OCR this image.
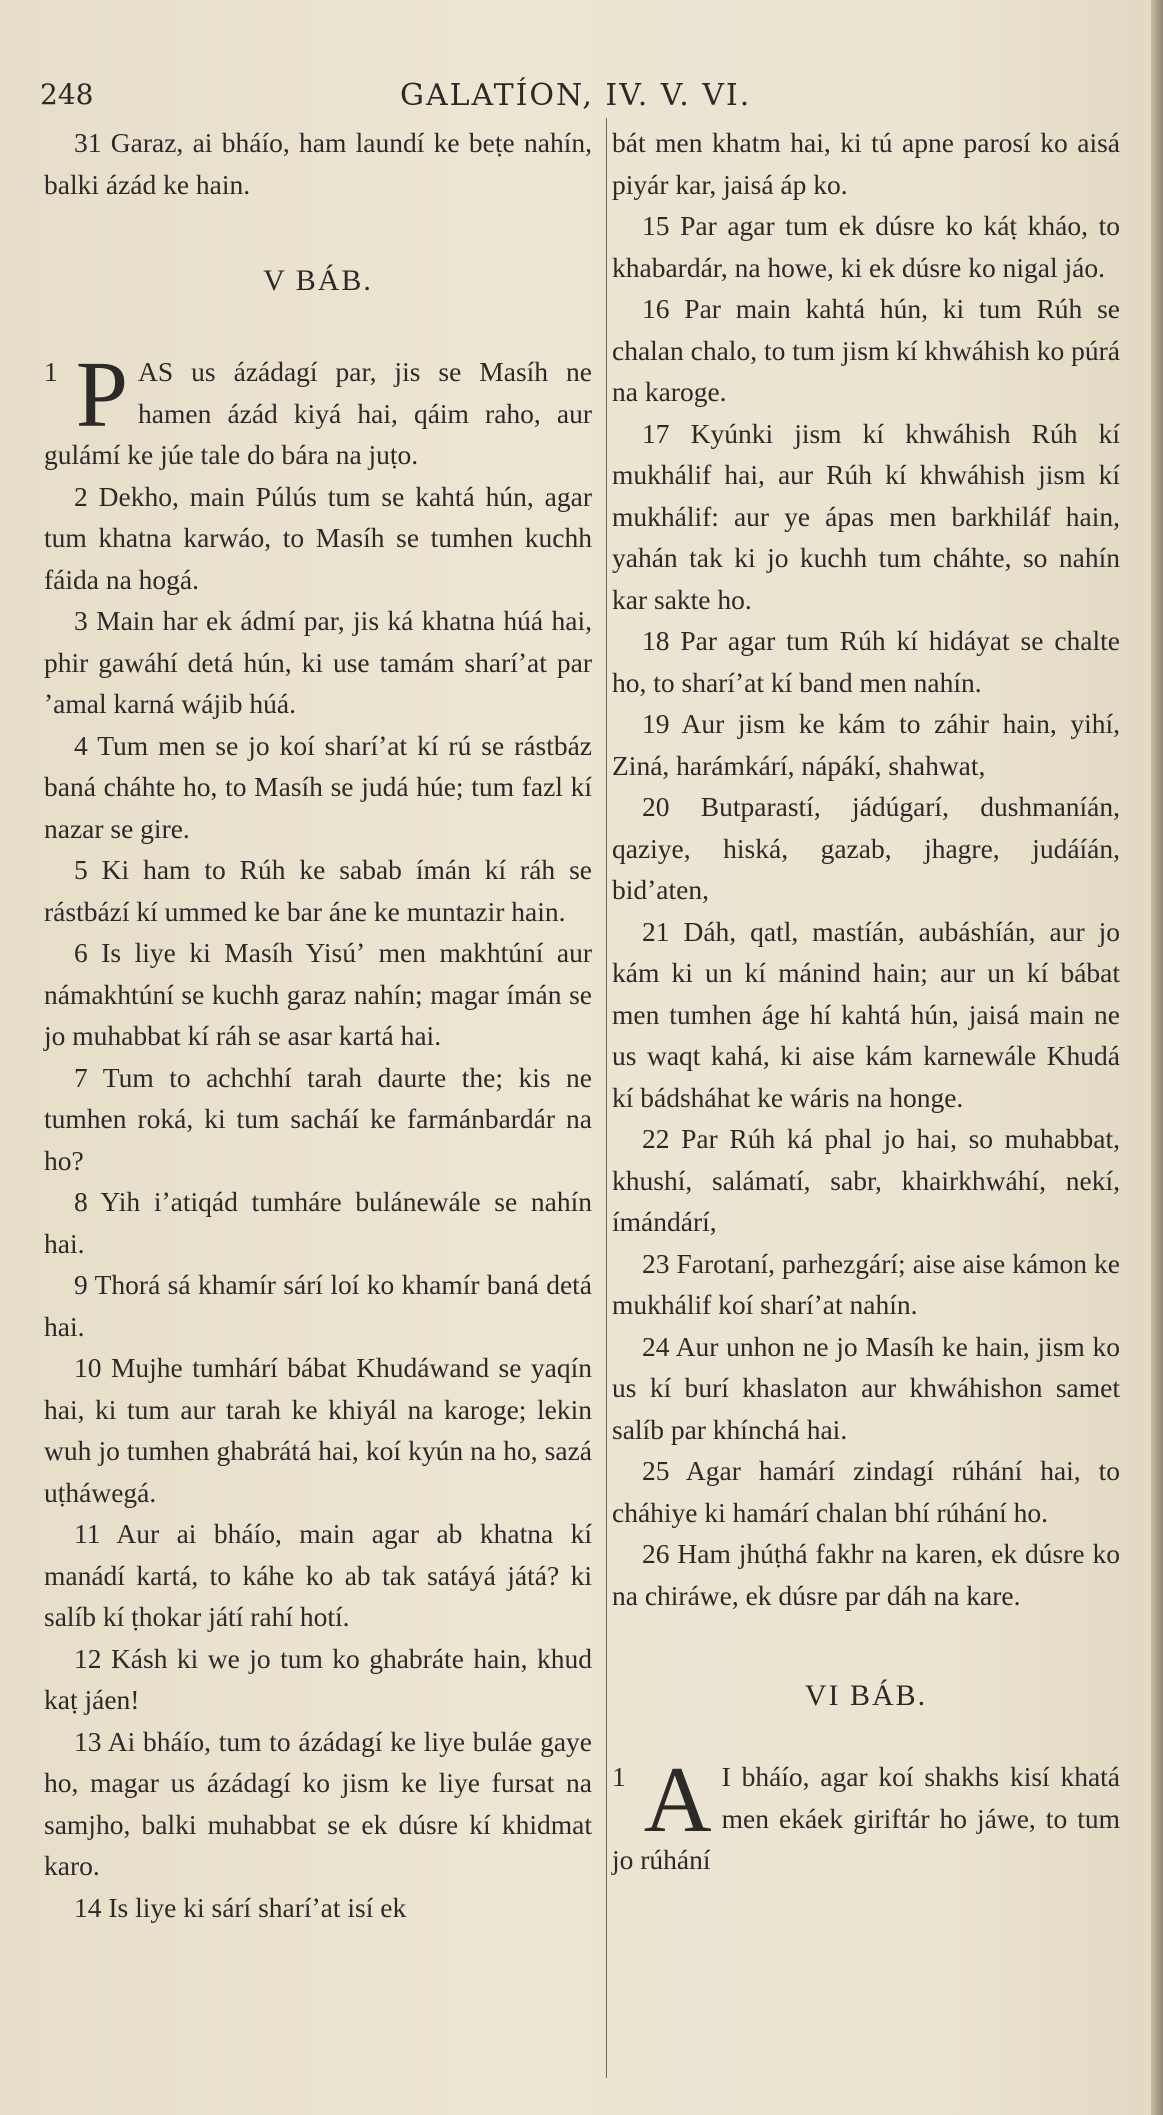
248	GALATÍON, IV. V. VI.

31 Garaz, ai bháío, ham laundí ke beṭe nahín, balki ázád ke hain.

V BÁB.

1 P AS us ázádagí par, jis se Masíh ne hamen ázád kiyá hai, qáim raho, aur gulámí ke júe tale do bára na juṭo.

2 Dekho, main Púlús tum se kahtá hún, agar tum khatna karwáo, to Masíh se tumhen kuchh fáida na hogá.

3 Main har ek ádmí par, jis ká khatna húá hai, phir gawáhí detá hún, ki use tamám sharíʼat par ʼamal karná wájib húá.

4 Tum men se jo koí sharíʼat kí rú se rástbáz baná cháhte ho, to Masíh se judá húe; tum fazl kí nazar se gire.

5 Ki ham to Rúh ke sabab ímán kí ráh se rástbází kí ummed ke bar áne ke muntazir hain.

6 Is liye ki Masíh Yisúʼ men makhtúní aur námakhtúní se kuchh garaz nahín; magar ímán se jo muhabbat kí ráh se asar kartá hai.

7 Tum to achchhí tarah daurte the; kis ne tumhen roká, ki tum sacháí ke farmánbardár na ho?

8 Yih iʼatiqád tumháre bulánewále se nahín hai.

9 Thorá sá khamír sárí loí ko khamír baná detá hai.

10 Mujhe tumhárí bábat Khudáwand se yaqín hai, ki tum aur tarah ke khiyál na karoge; lekin wuh jo tumhen ghabrátá hai, koí kyún na ho, sazá uṭháwegá.

11 Aur ai bháío, main agar ab khatna kí manádí kartá, to káhe ko ab tak satáyá játá? ki salíb kí ṭhokar játí rahí hotí.

12 Kásh ki we jo tum ko ghabráte hain, khud kaṭ jáen!

13 Ai bháío, tum to ázádagí ke liye buláe gaye ho, magar us ázádagí ko jism ke liye fursat na samjho, balki muhabbat se ek dúsre kí khidmat karo.

14 Is liye ki sárí sharíʼat isí ek

bát men khatm hai, ki tú apne parosí ko aisá piyár kar, jaisá áp ko.

15 Par agar tum ek dúsre ko káṭ kháo, to khabardár, na howe, ki ek dúsre ko nigal jáo.

16 Par main kahtá hún, ki tum Rúh se chalan chalo, to tum jism kí khwáhish ko púrá na karoge.

17 Kyúnki jism kí khwáhish Rúh kí mukhálif hai, aur Rúh kí khwáhish jism kí mukhálif: aur ye ápas men barkhiláf hain, yahán tak ki jo kuchh tum cháhte, so nahín kar sakte ho.

18 Par agar tum Rúh kí hidáyat se chalte ho, to sharíʼat kí band men nahín.

19 Aur jism ke kám to záhir hain, yihí, Ziná, harámkárí, nápákí, shahwat,

20 Butparastí, jádúgarí, dushmaníán, qaziye, hiská, gazab, jhagre, judáíán, bidʼaten,

21 Dáh, qatl, mastíán, aubáshíán, aur jo kám ki un kí mánind hain; aur un kí bábat men tumhen áge hí kahtá hún, jaisá main ne us waqt kahá, ki aise kám karnewále Khudá kí bádsháhat ke wáris na honge.

22 Par Rúh ká phal jo hai, so muhabbat, khushí, salámatí, sabr, khairkhwáhí, nekí, ímándárí,

23 Farotaní, parhezgárí; aise aise kámon ke mukhálif koí sharíʼat nahín.

24 Aur unhon ne jo Masíh ke hain, jism ko us kí burí khaslaton aur khwáhishon samet salíb par khínchá hai.

25 Agar hamárí zindagí rúhání hai, to cháhiye ki hamárí chalan bhí rúhání ho.

26 Ham jhúṭhá fakhr na karen, ek dúsre ko na chiráwe, ek dúsre par dáh na kare.

VI BÁB.

1 A I bháío, agar koí shakhs kisí khatá men ekáek giriftár ho jáwe, to tum jo rúhání
